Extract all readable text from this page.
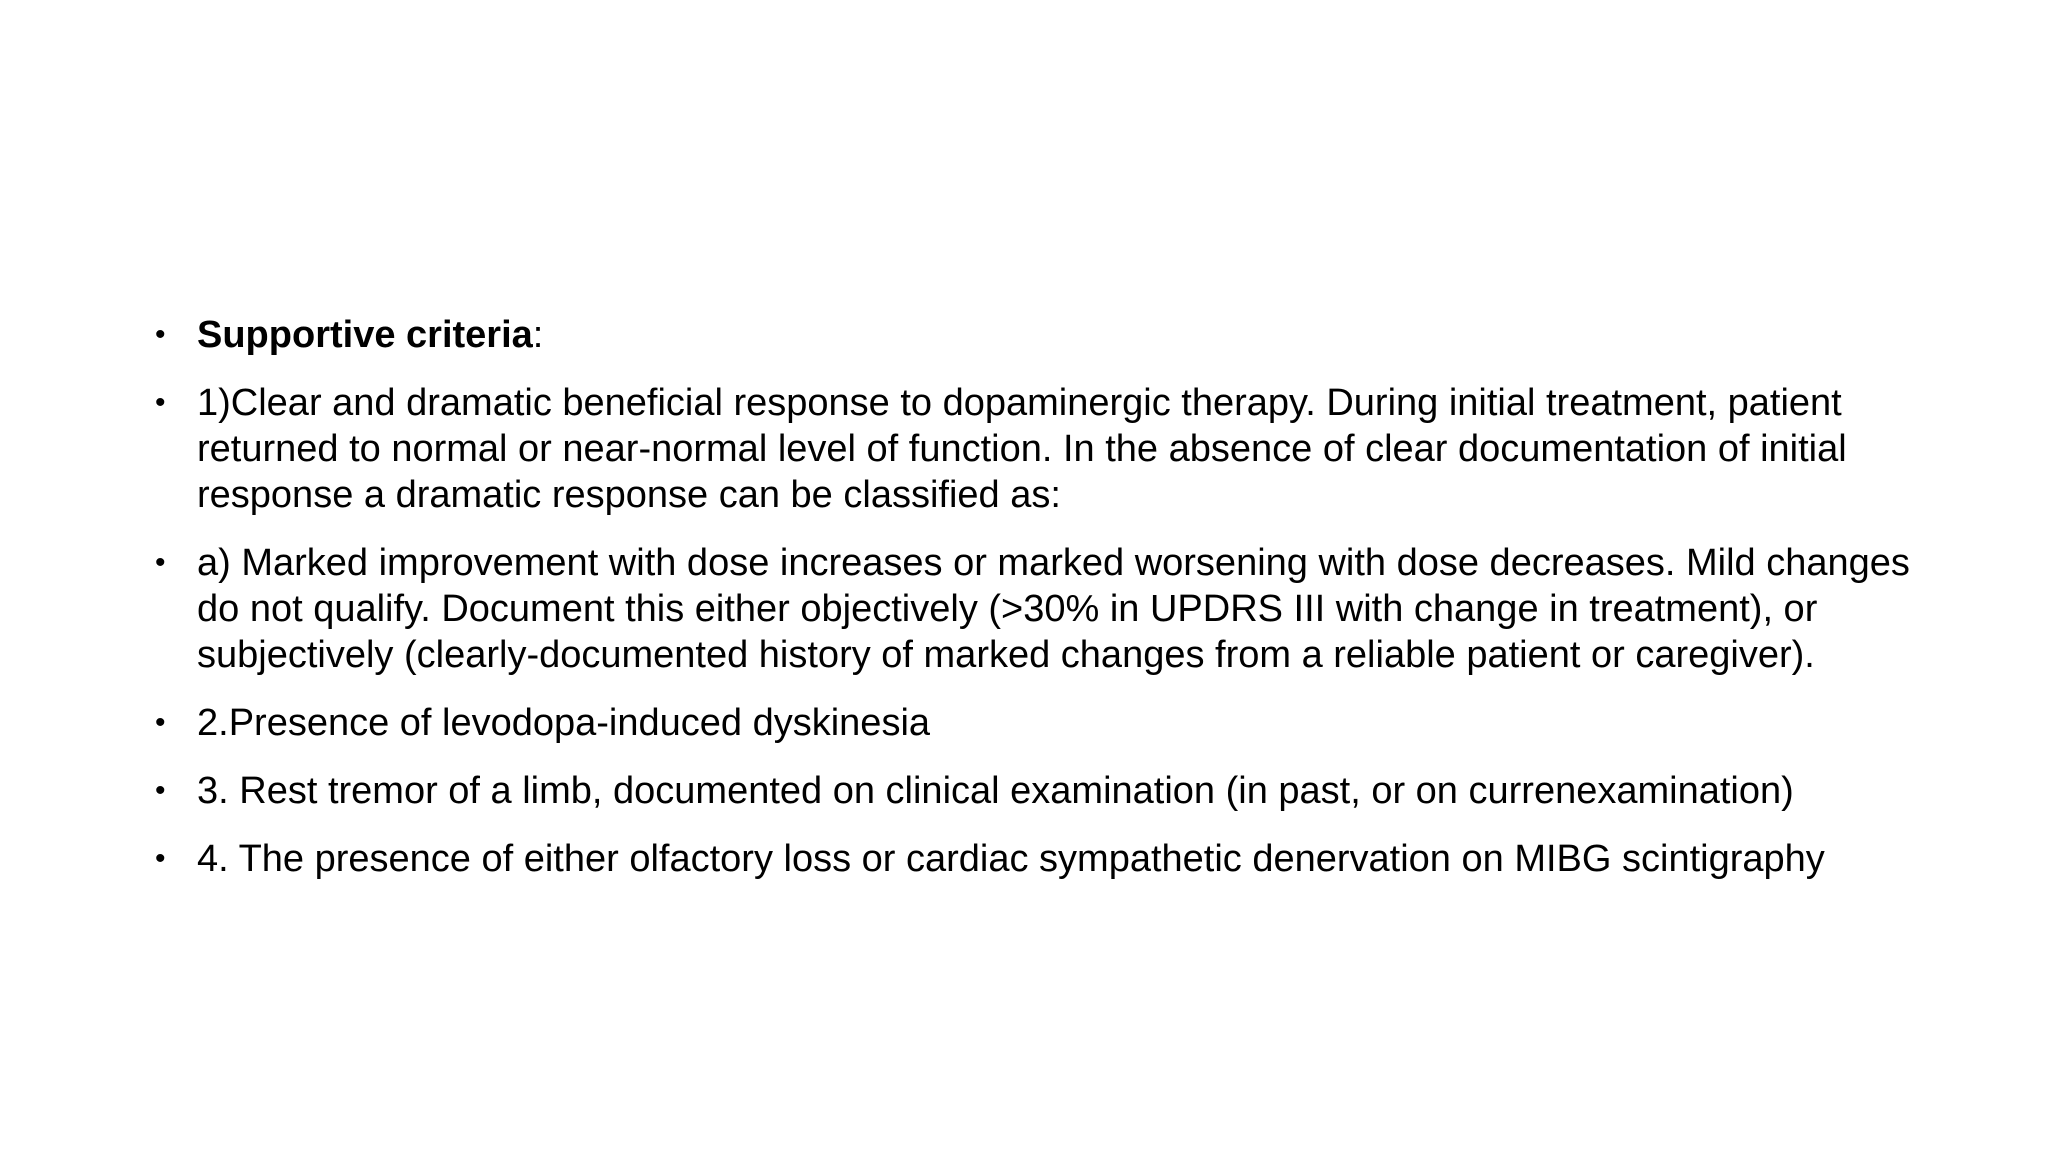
• Supportive criteria:
• 1)Clear and dramatic beneficial response to dopaminergic therapy. During initial treatment, patient returned to normal or near-normal level of function. In the absence of clear documentation of initial response a dramatic response can be classified as:
• a) Marked improvement with dose increases or marked worsening with dose decreases. Mild changes do not qualify. Document this either objectively (>30% in UPDRS III with change in treatment), or subjectively (clearly-documented history of marked changes from a reliable patient or caregiver).
• 2.Presence of levodopa-induced dyskinesia
• 3. Rest tremor of a limb, documented on clinical examination (in past, or on currenexamination)
• 4. The presence of either olfactory loss or cardiac sympathetic denervation on MIBG scintigraphy
